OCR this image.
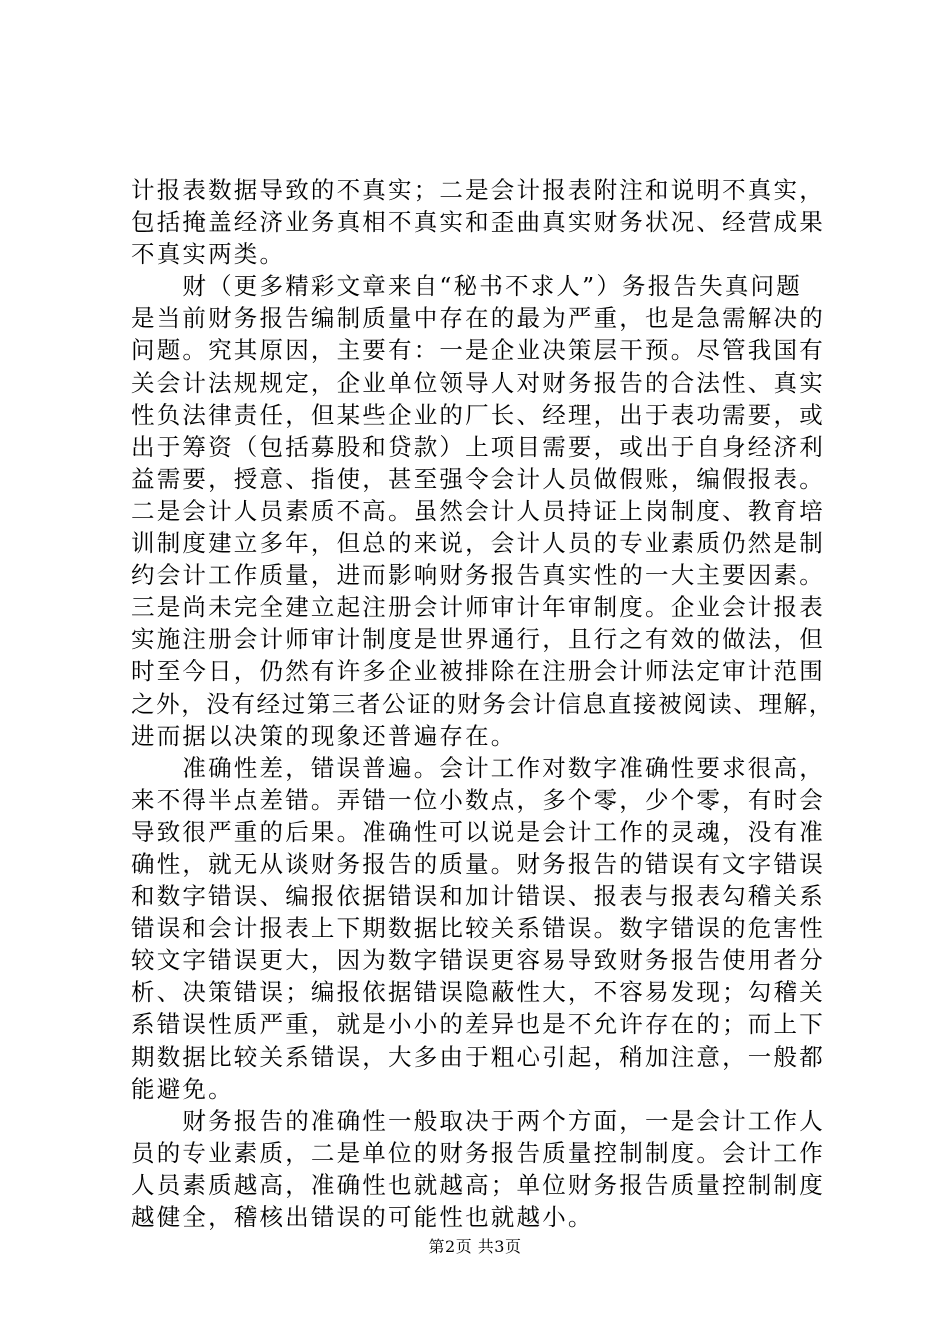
计报表数据导致的不真实；二是会计报表附注和说明不真实，
包括掩盖经济业务真相不真实和歪曲真实财务状况、经营成果
不真实两类。
　　财（更多精彩文章来自“秘书不求人”）务报告失真问题
是当前财务报告编制质量中存在的最为严重，也是急需解决的
问题。究其原因，主要有：一是企业决策层干预。尽管我国有
关会计法规规定，企业单位领导人对财务报告的合法性、真实
性负法律责任，但某些企业的厂长、经理，出于表功需要，或
出于筹资（包括募股和贷款）上项目需要，或出于自身经济利
益需要，授意、指使，甚至强令会计人员做假账，编假报表。
二是会计人员素质不高。虽然会计人员持证上岗制度、教育培
训制度建立多年，但总的来说，会计人员的专业素质仍然是制
约会计工作质量，进而影响财务报告真实性的一大主要因素。
三是尚未完全建立起注册会计师审计年审制度。企业会计报表
实施注册会计师审计制度是世界通行，且行之有效的做法，但
时至今日，仍然有许多企业被排除在注册会计师法定审计范围
之外，没有经过第三者公证的财务会计信息直接被阅读、理解，
进而据以决策的现象还普遍存在。
　　准确性差，错误普遍。会计工作对数字准确性要求很高，
来不得半点差错。弄错一位小数点，多个零，少个零，有时会
导致很严重的后果。准确性可以说是会计工作的灵魂，没有准
确性，就无从谈财务报告的质量。财务报告的错误有文字错误
和数字错误、编报依据错误和加计错误、报表与报表勾稽关系
错误和会计报表上下期数据比较关系错误。数字错误的危害性
较文字错误更大，因为数字错误更容易导致财务报告使用者分
析、决策错误；编报依据错误隐蔽性大，不容易发现；勾稽关
系错误性质严重，就是小小的差异也是不允许存在的；而上下
期数据比较关系错误，大多由于粗心引起，稍加注意，一般都
能避免。
　　财务报告的准确性一般取决于两个方面，一是会计工作人
员的专业素质，二是单位的财务报告质量控制制度。会计工作
人员素质越高，准确性也就越高；单位财务报告质量控制制度
越健全，稽核出错误的可能性也就越小。
第2页 共3页
